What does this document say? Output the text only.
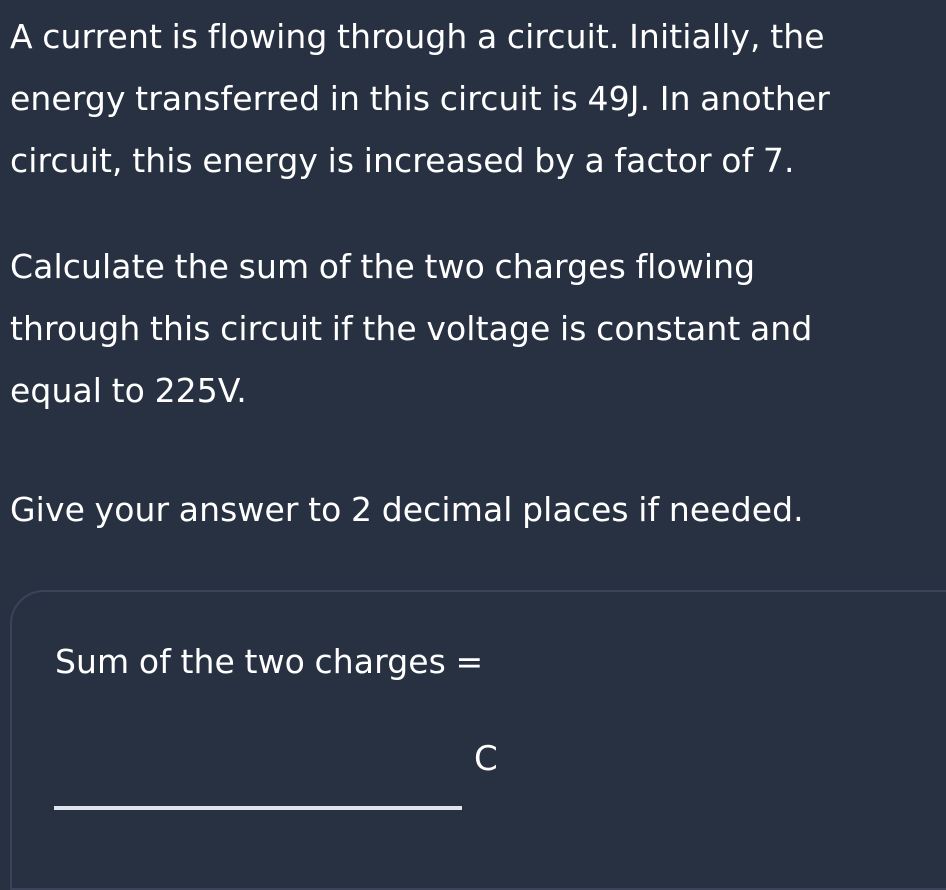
A current is flowing through a circuit. Initially, the
energy transferred in this circuit is 49J. In another
circuit, this energy is increased by a factor of 7.

Calculate the sum of the two charges flowing
through this circuit if the voltage is constant and
equal to 225V.

Give your answer to 2 decimal places if needed.

Sum of the two charges =
C
